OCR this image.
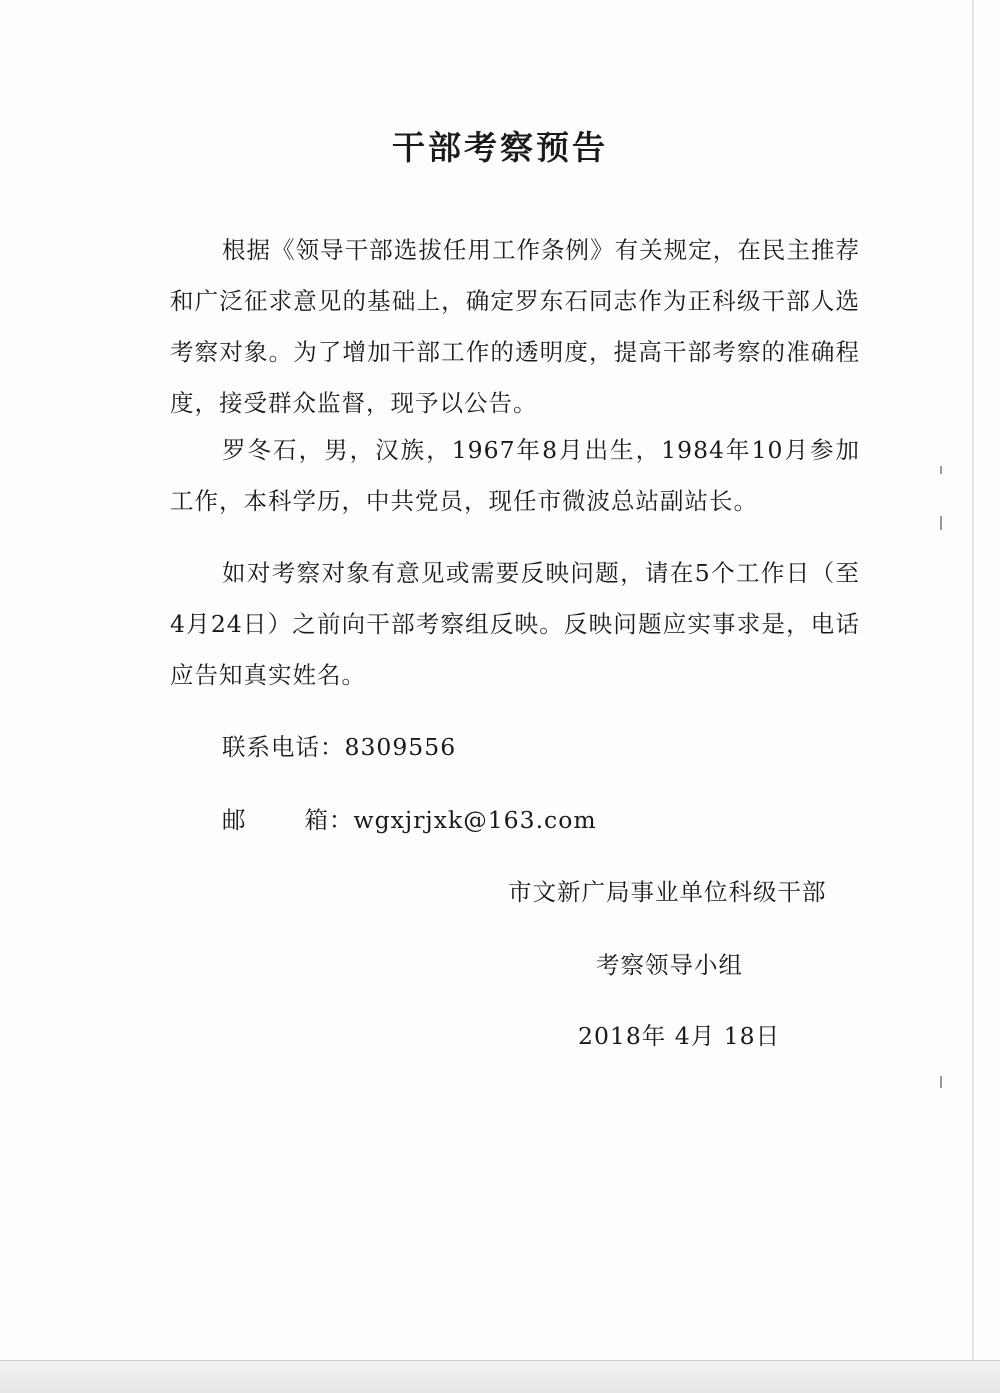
干部考察预告
根据《领导干部选拔任用工作条例》有关规定，在民主推荐和广泛征求意见的基础上，确定罗东石同志作为正科级干部人选考察对象。为了增加干部工作的透明度，提高干部考察的准确程度，接受群众监督，现予以公告。
罗冬石，男，汉族，1967年8月出生，1984年10月参加工作，本科学历，中共党员，现任市微波总站副站长。
如对考察对象有意见或需要反映问题，请在5个工作日（至4月24日）之前向干部考察组反映。反映问题应实事求是，电话应告知真实姓名。
联系电话：8309556
邮 箱：wgxjrjxk@163.com
市文新广局事业单位科级干部
考察领导小组
2018年 4月 18日
